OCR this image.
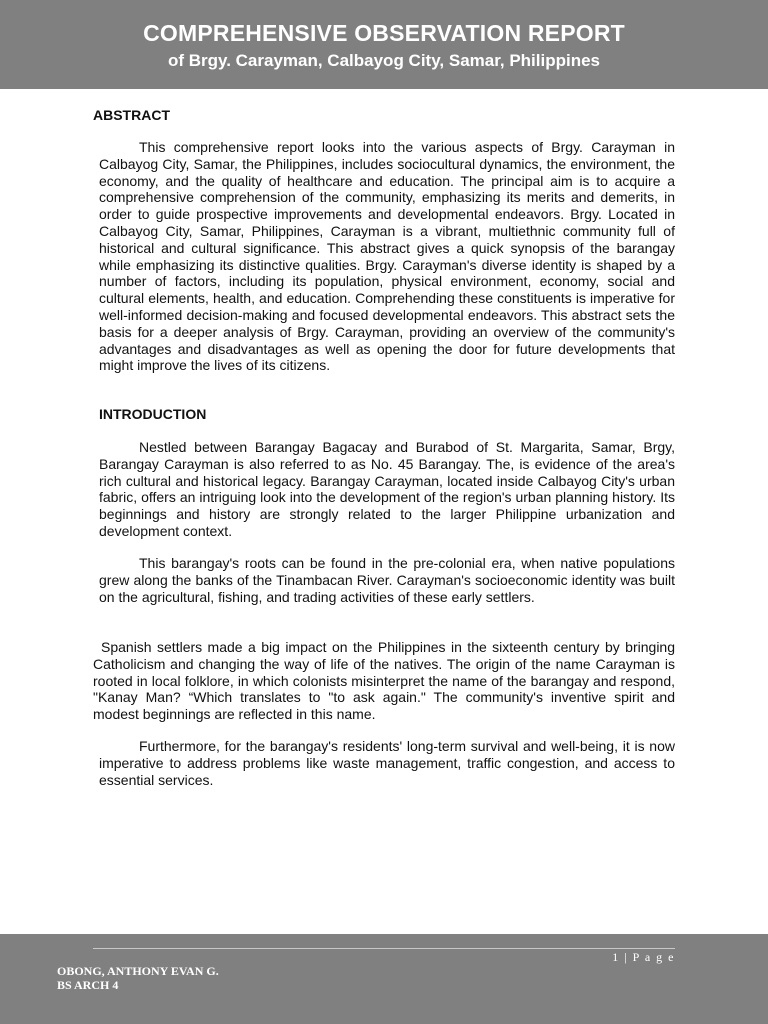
COMPREHENSIVE OBSERVATION REPORT
of Brgy. Carayman, Calbayog City, Samar, Philippines
ABSTRACT

This comprehensive report looks into the various aspects of Brgy. Carayman in Calbayog City, Samar, the Philippines, includes sociocultural dynamics, the environment, the economy, and the quality of healthcare and education. The principal aim is to acquire a comprehensive comprehension of the community, emphasizing its merits and demerits, in order to guide prospective improvements and developmental endeavors. Brgy. Located in Calbayog City, Samar, Philippines, Carayman is a vibrant, multiethnic community full of historical and cultural significance. This abstract gives a quick synopsis of the barangay while emphasizing its distinctive qualities. Brgy. Carayman's diverse identity is shaped by a number of factors, including its population, physical environment, economy, social and cultural elements, health, and education. Comprehending these constituents is imperative for well-informed decision-making and focused developmental endeavors. This abstract sets the basis for a deeper analysis of Brgy. Carayman, providing an overview of the community's advantages and disadvantages as well as opening the door for future developments that might improve the lives of its citizens.

INTRODUCTION

Nestled between Barangay Bagacay and Burabod of St. Margarita, Samar, Brgy, Barangay Carayman is also referred to as No. 45 Barangay. The, is evidence of the area's rich cultural and historical legacy. Barangay Carayman, located inside Calbayog City's urban fabric, offers an intriguing look into the development of the region's urban planning history. Its beginnings and history are strongly related to the larger Philippine urbanization and development context.

This barangay's roots can be found in the pre-colonial era, when native populations grew along the banks of the Tinambacan River. Carayman's socioeconomic identity was built on the agricultural, fishing, and trading activities of these early settlers.

Spanish settlers made a big impact on the Philippines in the sixteenth century by bringing Catholicism and changing the way of life of the natives. The origin of the name Carayman is rooted in local folklore, in which colonists misinterpret the name of the barangay and respond, "Kanay Man? “Which translates to "to ask again." The community's inventive spirit and modest beginnings are reflected in this name.

Furthermore, for the barangay's residents' long-term survival and well-being, it is now imperative to address problems like waste management, traffic congestion, and access to essential services.

1 | P a g e
OBONG, ANTHONY EVAN G.
BS ARCH 4
